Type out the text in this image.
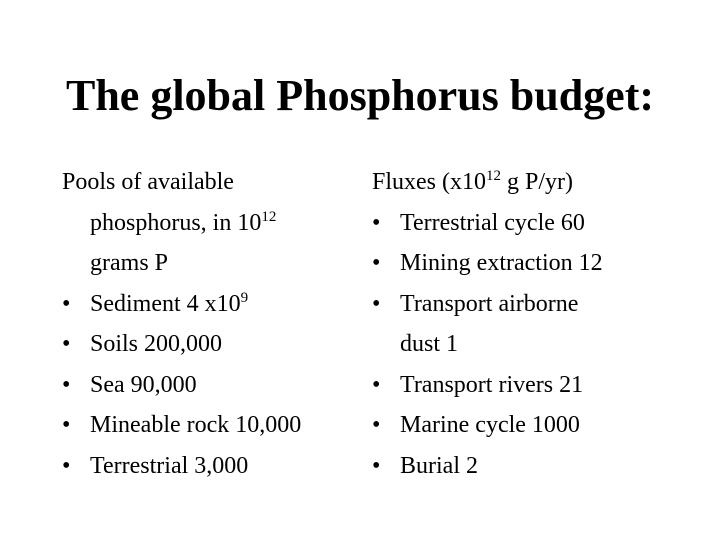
The global Phosphorus budget:
Pools of available
phosphorus, in $10^{12}$
grams P
• Sediment 4 $x10^9$
• Soils 200,000
• Sea 90,000
• Mineable rock 10,000
• Terrestrial 3,000
Fluxes ($x10^{12}$ g P/yr)
• Terrestrial cycle 60
• Mining extraction 12
• Transport airborne
dust 1
• Transport rivers 21
• Marine cycle 1000
• Burial 2
